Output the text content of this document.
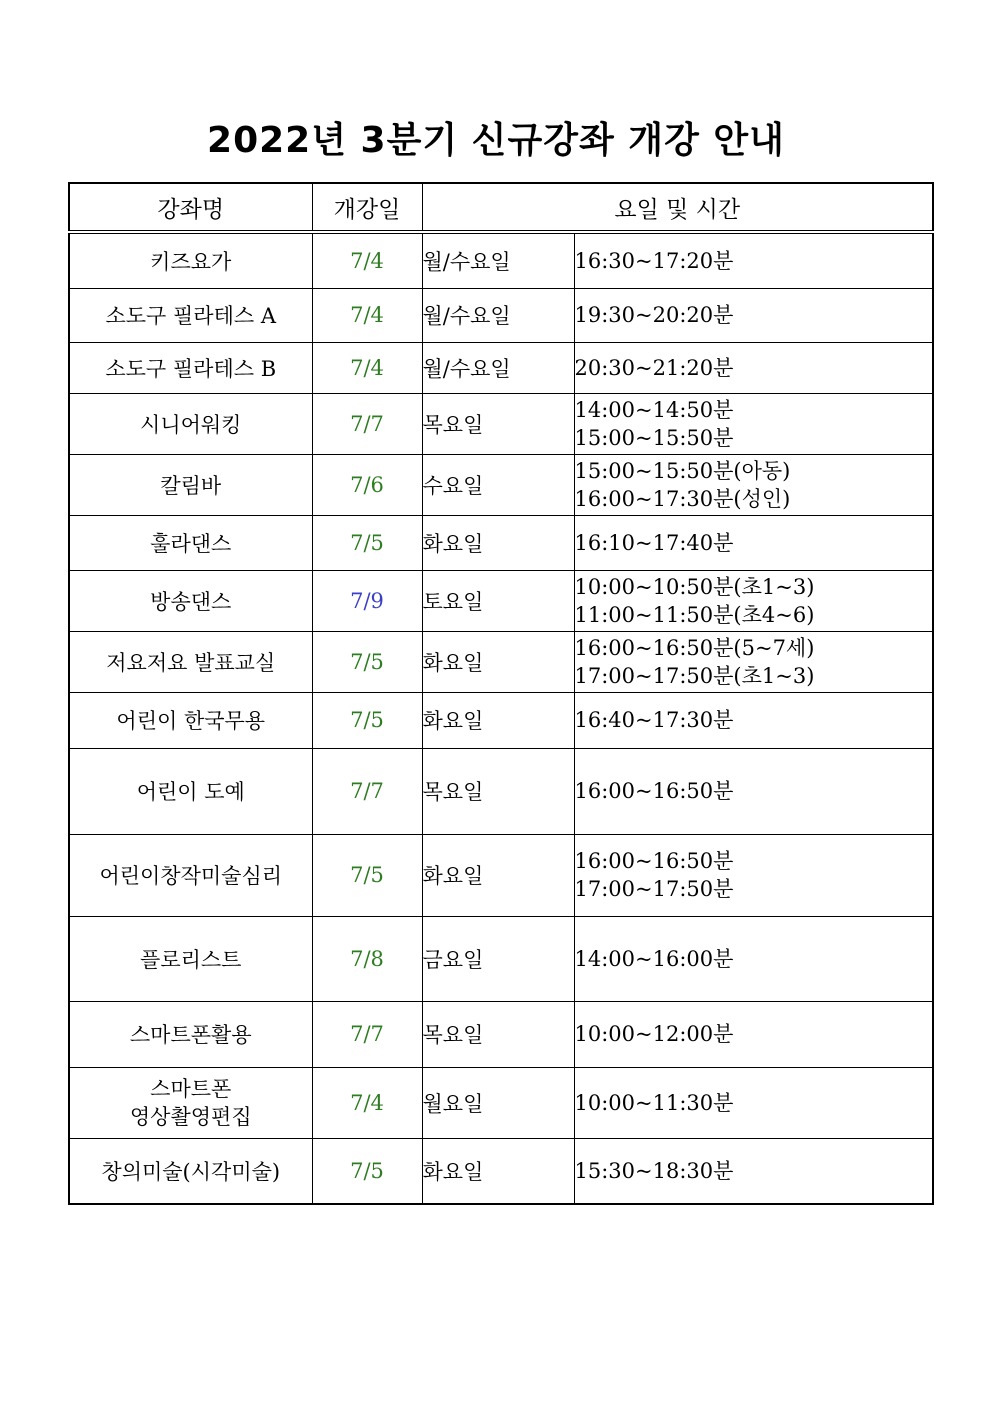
2022년 3분기 신규강좌 개강 안내
강좌명	개강일	요일 및 시간	

키즈요가	7/4	월/수요일	16:30~17:20분

소도구 필라테스 A	7/4	월/수요일	19:30~20:20분

소도구 필라테스 B	7/4	월/수요일	20:30~21:20분

시니어워킹	7/7	목요일	14:00~14:50분
15:00~15:50분

칼림바	7/6	수요일	15:00~15:50분(아동)
16:00~17:30분(성인)

훌라댄스	7/5	화요일	16:10~17:40분

방송댄스	7/9	토요일	10:00~10:50분(초1~3)
11:00~11:50분(초4~6)

저요저요 발표교실	7/5	화요일	16:00~16:50분(5~7세)
17:00~17:50분(초1~3)

어린이 한국무용	7/5	화요일	16:40~17:30분

어린이 도예	7/7	목요일	16:00~16:50분

어린이창작미술심리	7/5	화요일	16:00~16:50분
17:00~17:50분

플로리스트	7/8	금요일	14:00~16:00분

스마트폰활용	7/7	목요일	10:00~12:00분

스마트폰
영상촬영편집	7/4	월요일	10:00~11:30분

창의미술(시각미술)	7/5	화요일	15:30~18:30분
